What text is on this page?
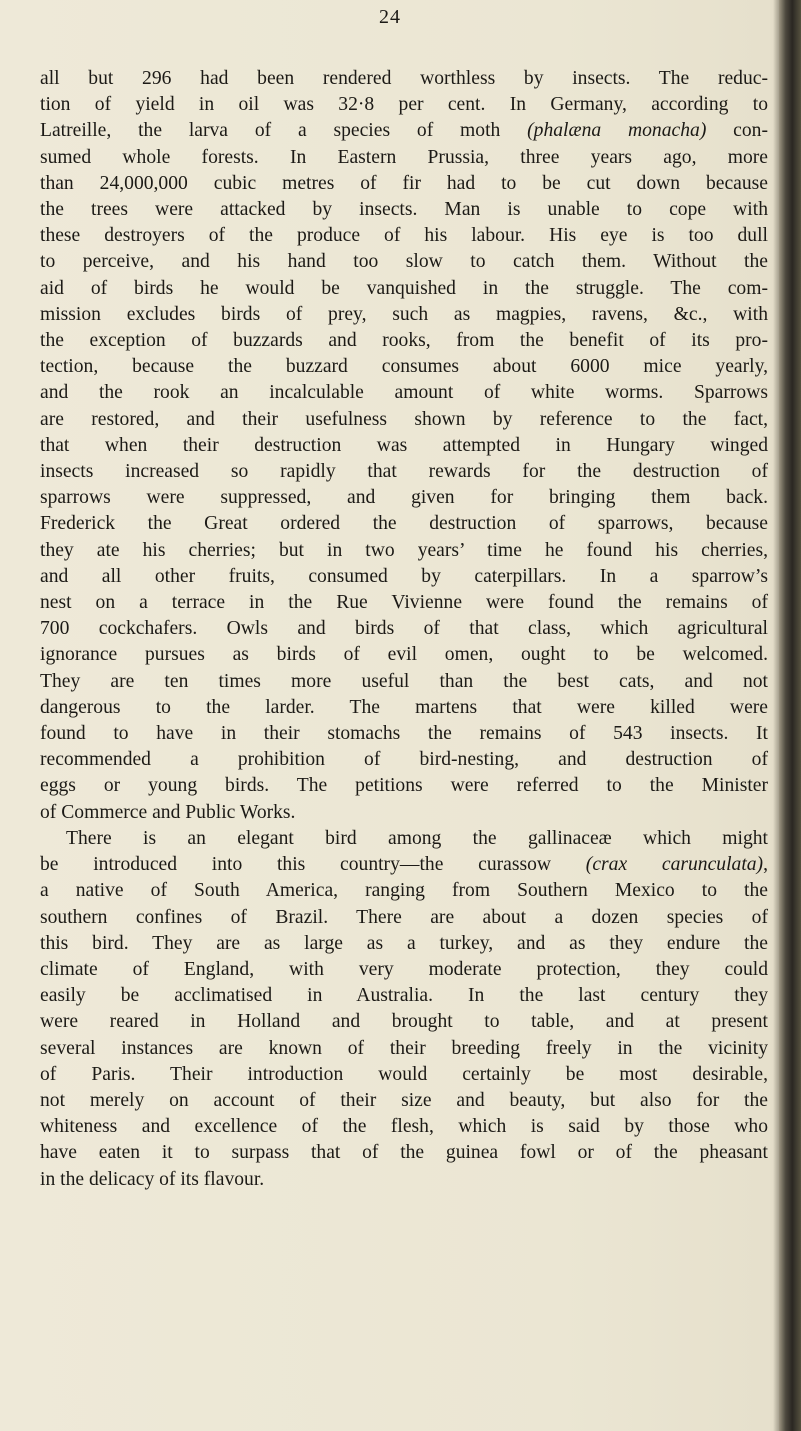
24
all but 296 had been rendered worthless by insects. The reduc-
tion of yield in oil was 32·8 per cent. In Germany, according to
Latreille, the larva of a species of moth (phalæna monacha) con-
sumed whole forests. In Eastern Prussia, three years ago, more
than 24,000,000 cubic metres of fir had to be cut down because
the trees were attacked by insects. Man is unable to cope with
these destroyers of the produce of his labour. His eye is too dull
to perceive, and his hand too slow to catch them. Without the
aid of birds he would be vanquished in the struggle. The com-
mission excludes birds of prey, such as magpies, ravens, &c., with
the exception of buzzards and rooks, from the benefit of its pro-
tection, because the buzzard consumes about 6000 mice yearly,
and the rook an incalculable amount of white worms. Sparrows
are restored, and their usefulness shown by reference to the fact,
that when their destruction was attempted in Hungary winged
insects increased so rapidly that rewards for the destruction of
sparrows were suppressed, and given for bringing them back.
Frederick the Great ordered the destruction of sparrows, because
they ate his cherries; but in two years’ time he found his cherries,
and all other fruits, consumed by caterpillars. In a sparrow’s
nest on a terrace in the Rue Vivienne were found the remains of
700 cockchafers. Owls and birds of that class, which agricultural
ignorance pursues as birds of evil omen, ought to be welcomed.
They are ten times more useful than the best cats, and not
dangerous to the larder. The martens that were killed were
found to have in their stomachs the remains of 543 insects. It
recommended a prohibition of bird-nesting, and destruction of
eggs or young birds. The petitions were referred to the Minister
of Commerce and Public Works.
There is an elegant bird among the gallinaceæ which might
be introduced into this country—the curassow (crax carunculata),
a native of South America, ranging from Southern Mexico to the
southern confines of Brazil. There are about a dozen species of
this bird. They are as large as a turkey, and as they endure the
climate of England, with very moderate protection, they could
easily be acclimatised in Australia. In the last century they
were reared in Holland and brought to table, and at present
several instances are known of their breeding freely in the vicinity
of Paris. Their introduction would certainly be most desirable,
not merely on account of their size and beauty, but also for the
whiteness and excellence of the flesh, which is said by those who
have eaten it to surpass that of the guinea fowl or of the pheasant
in the delicacy of its flavour.
